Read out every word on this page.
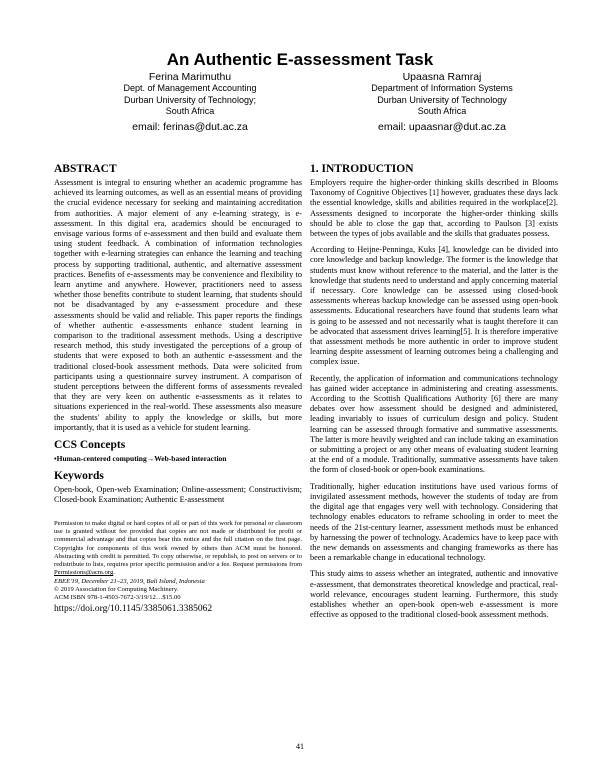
An Authentic E-assessment Task
Ferina Marimuthu
Dept. of Management Accounting
Durban University of Technology;
South Africa
email: ferinas@dut.ac.za
Upaasna Ramraj
Department of Information Systems
Durban University of Technology
South Africa
email: upaasnar@dut.ac.za
ABSTRACT

Assessment is integral to ensuring whether an academic programme has achieved its learning outcomes, as well as an essential means of providing the crucial evidence necessary for seeking and maintaining accreditation from authorities. A major element of any e-learning strategy, is e-assessment. In this digital era, academics should be encouraged to envisage various forms of e-assessment and then build and evaluate them using student feedback. A combination of information technologies together with e-learning strategies can enhance the learning and teaching process by supporting traditional, authentic, and alternative assessment practices. Benefits of e-assessments may be convenience and flexibility to learn anytime and anywhere. However, practitioners need to assess whether those benefits contribute to student learning, that students should not be disadvantaged by any e-assessment procedure and these assessments should be valid and reliable. This paper reports the findings of whether authentic e-assessments enhance student learning in comparison to the traditional assessment methods. Using a descriptive research method, this study investigated the perceptions of a group of students that were exposed to both an authentic e-assessment and the traditional closed-book assessment methods. Data were solicited from participants using a questionnaire survey instrument. A comparison of student perceptions between the different forms of assessments revealed that they are very keen on authentic e-assessments as it relates to situations experienced in the real-world. These assessments also measure the students' ability to apply the knowledge or skills, but more importantly, that it is used as a vehicle for student learning.

CCS Concepts
•Human-centered computing→Web-based interaction
Keywords
Open-book, Open-web Examination; Online-assessment; Constructivism; Closed-book Examination; Authentic E-assessment
Permission to make digital or hard copies of all or part of this work for personal or classroom use is granted without fee provided that copies are not made or distributed for profit or commercial advantage and that copies bear this notice and the full citation on the first page. Copyrights for components of this work owned by others than ACM must be honored. Abstracting with credit is permitted. To copy otherwise, or republish, to post on servers or to redistribute to lists, requires prior specific permission and/or a fee. Request permissions from Permissions@acm.org.
EBEE'19, December 21–23, 2019, Bali Island, Indonesia
© 2019 Association for Computing Machinery.
ACM ISBN 978-1-4503-7672-3/19/12…$15.00
https://doi.org/10.1145/3385061.3385062
1. INTRODUCTION

Employers require the higher-order thinking skills described in Blooms Taxonomy of Cognitive Objectives [1] however, graduates these days lack the essential knowledge, skills and abilities required in the workplace[2]. Assessments designed to incorporate the higher-order thinking skills should be able to close the gap that, according to Paulson [3] exists between the types of jobs available and the skills that graduates possess.

According to Heijne-Penninga, Kuks [4], knowledge can be divided into core knowledge and backup knowledge. The former is the knowledge that students must know without reference to the material, and the latter is the knowledge that students need to understand and apply concerning material if necessary. Core knowledge can be assessed using closed-book assessments whereas backup knowledge can be assessed using open-book assessments. Educational researchers have found that students learn what is going to be assessed and not necessarily what is taught therefore it can be advocated that assessment drives learning[5]. It is therefore imperative that assessment methods be more authentic in order to improve student learning despite assessment of learning outcomes being a challenging and complex issue.

Recently, the application of information and communications technology has gained wider acceptance in administering and creating assessments. According to the Scottish Qualifications Authority [6] there are many debates over how assessment should be designed and administered, leading invariably to issues of curriculum design and policy. Student learning can be assessed through formative and summative assessments. The latter is more heavily weighted and can include taking an examination or submitting a project or any other means of evaluating student learning at the end of a module. Traditionally, summative assessments have taken the form of closed-book or open-book examinations.

Traditionally, higher education institutions have used various forms of invigilated assessment methods, however the students of today are from the digital age that engages very well with technology. Considering that technology enables educators to reframe schooling in order to meet the needs of the 21st-century learner, assessment methods must be enhanced by harnessing the power of technology. Academics have to keep pace with the new demands on assessments and changing frameworks as there has been a remarkable change in educational technology.

This study aims to assess whether an integrated, authentic and innovative e-assessment, that demonstrates theoretical knowledge and practical, real-world relevance, encourages student learning. Furthermore, this study establishes whether an open-book open-web e-assessment is more effective as opposed to the traditional closed-book assessment methods.

41
